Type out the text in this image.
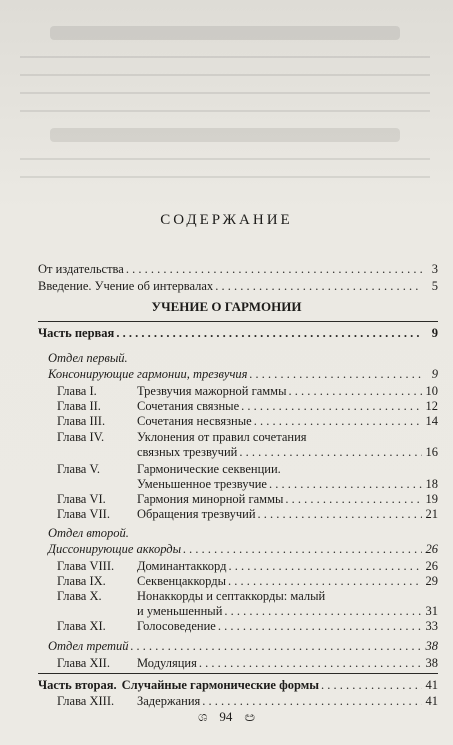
СОДЕРЖАНИЕ
От издательства . . .	3
Введение. Учение об интервалах . . .	5
УЧЕНИЕ О ГАРМОНИИ
Часть первая . . .	9
Отдел первый.
Консонирующие гармонии, трезвучия . . .	9
Глава I.	Трезвучия мажорной гаммы . . .	10
Глава II.	Сочетания связные . . .	12
Глава III.	Сочетания несвязные . . .	14
Глава IV.	Уклонения от правил сочетания
связных трезвучий . . .	16
Глава V.	Гармонические секвенции.
Уменьшенное трезвучие . . .	18
Глава VI. Гармония минорной гаммы . . .	19
Глава VII. Обращения трезвучий . . .	21
Отдел второй.
Диссонирующие аккорды . . .	26
Глава VIII. Доминантаккорд . . .	26
Глава IX. Секвенцаккорды . . .	29
Глава X.	Нонаккорды и септаккорды: малый
и уменьшенный . . .	31
Глава XI. Голосоведение . . .	33
Отдел третий . . .	38
Глава XII. Модуляция . . .	38
Часть вторая. Случайные гармонические формы . . .	41
Глава XIII. Задержания . . .	41
ශ 94 ඏ
